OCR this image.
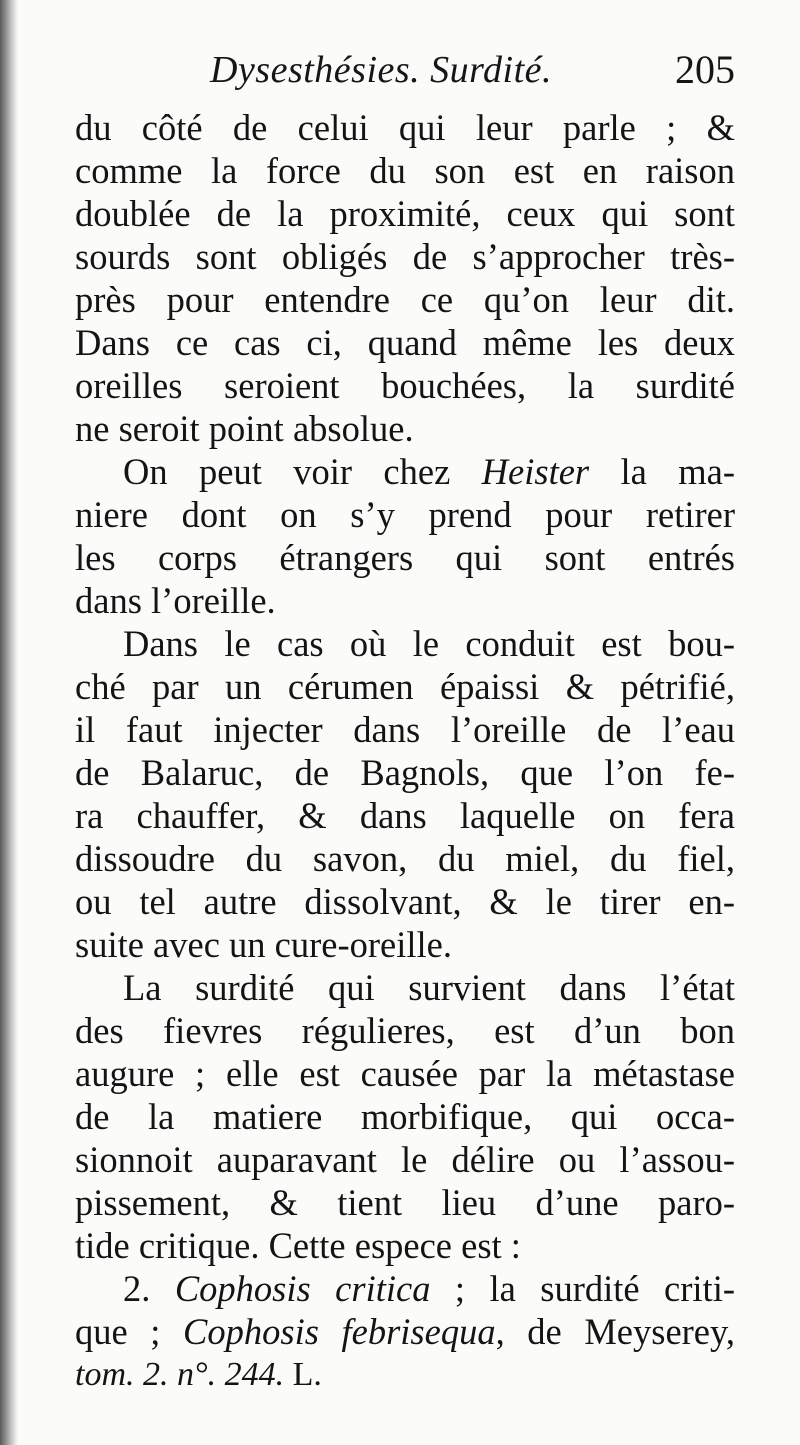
Dysesthésies. Surdité.	205
du côté de celui qui leur parle ; &
comme la force du son est en raison
doublée de la proximité, ceux qui sont
sourds sont obligés de s’approcher très-
près pour entendre ce qu’on leur dit.
Dans ce cas ci, quand même les deux
oreilles seroient bouchées, la surdité
ne seroit point absolue.
On peut voir chez Heister la ma-
niere dont on s’y prend pour retirer
les corps étrangers qui sont entrés
dans l’oreille.
Dans le cas où le conduit est bou-
ché par un cérumen épaissi & pétrifié,
il faut injecter dans l’oreille de l’eau
de Balaruc, de Bagnols, que l’on fe-
ra chauffer, & dans laquelle on fera
dissoudre du savon, du miel, du fiel,
ou tel autre dissolvant, & le tirer en-
suite avec un cure-oreille.
La surdité qui survient dans l’état
des fievres régulieres, est d’un bon
augure ; elle est causée par la métastase
de la matiere morbifique, qui occa-
sionnoit auparavant le délire ou l’assou-
pissement, & tient lieu d’une paro-
tide critique. Cette espece est :
2. Cophosis critica ; la surdité criti-
que ; Cophosis febrisequa, de Meyserey,
tom. 2. n°. 244. L.
